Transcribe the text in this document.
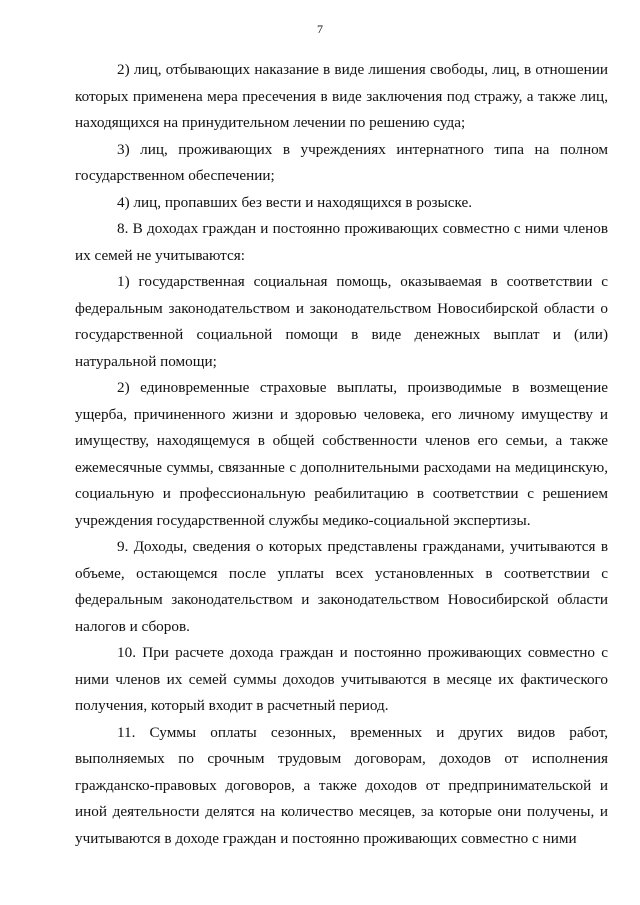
7

2) лиц, отбывающих наказание в виде лишения свободы, лиц, в отношении которых применена мера пресечения в виде заключения под стражу, а также лиц, находящихся на принудительном лечении по решению суда;

3) лиц, проживающих в учреждениях интернатного типа на полном государственном обеспечении;

4) лиц, пропавших без вести и находящихся в розыске.

8. В доходах граждан и постоянно проживающих совместно с ними членов их семей не учитываются:

1) государственная социальная помощь, оказываемая в соответствии с федеральным законодательством и законодательством Новосибирской области о государственной социальной помощи в виде денежных выплат и (или) натуральной помощи;

2) единовременные страховые выплаты, производимые в возмещение ущерба, причиненного жизни и здоровью человека, его личному имуществу и имуществу, находящемуся в общей собственности членов его семьи, а также ежемесячные суммы, связанные с дополнительными расходами на медицинскую, социальную и профессиональную реабилитацию в соответствии с решением учреждения государственной службы медико-социальной экспертизы.

9. Доходы, сведения о которых представлены гражданами, учитываются в объеме, остающемся после уплаты всех установленных в соответствии с федеральным законодательством и законодательством Новосибирской области налогов и сборов.

10. При расчете дохода граждан и постоянно проживающих совместно с ними членов их семей суммы доходов учитываются в месяце их фактического получения, который входит в расчетный период.

11. Суммы оплаты сезонных, временных и других видов работ, выполняемых по срочным трудовым договорам, доходов от исполнения гражданско-правовых договоров, а также доходов от предпринимательской и иной деятельности делятся на количество месяцев, за которые они получены, и учитываются в доходе граждан и постоянно проживающих совместно с ними
